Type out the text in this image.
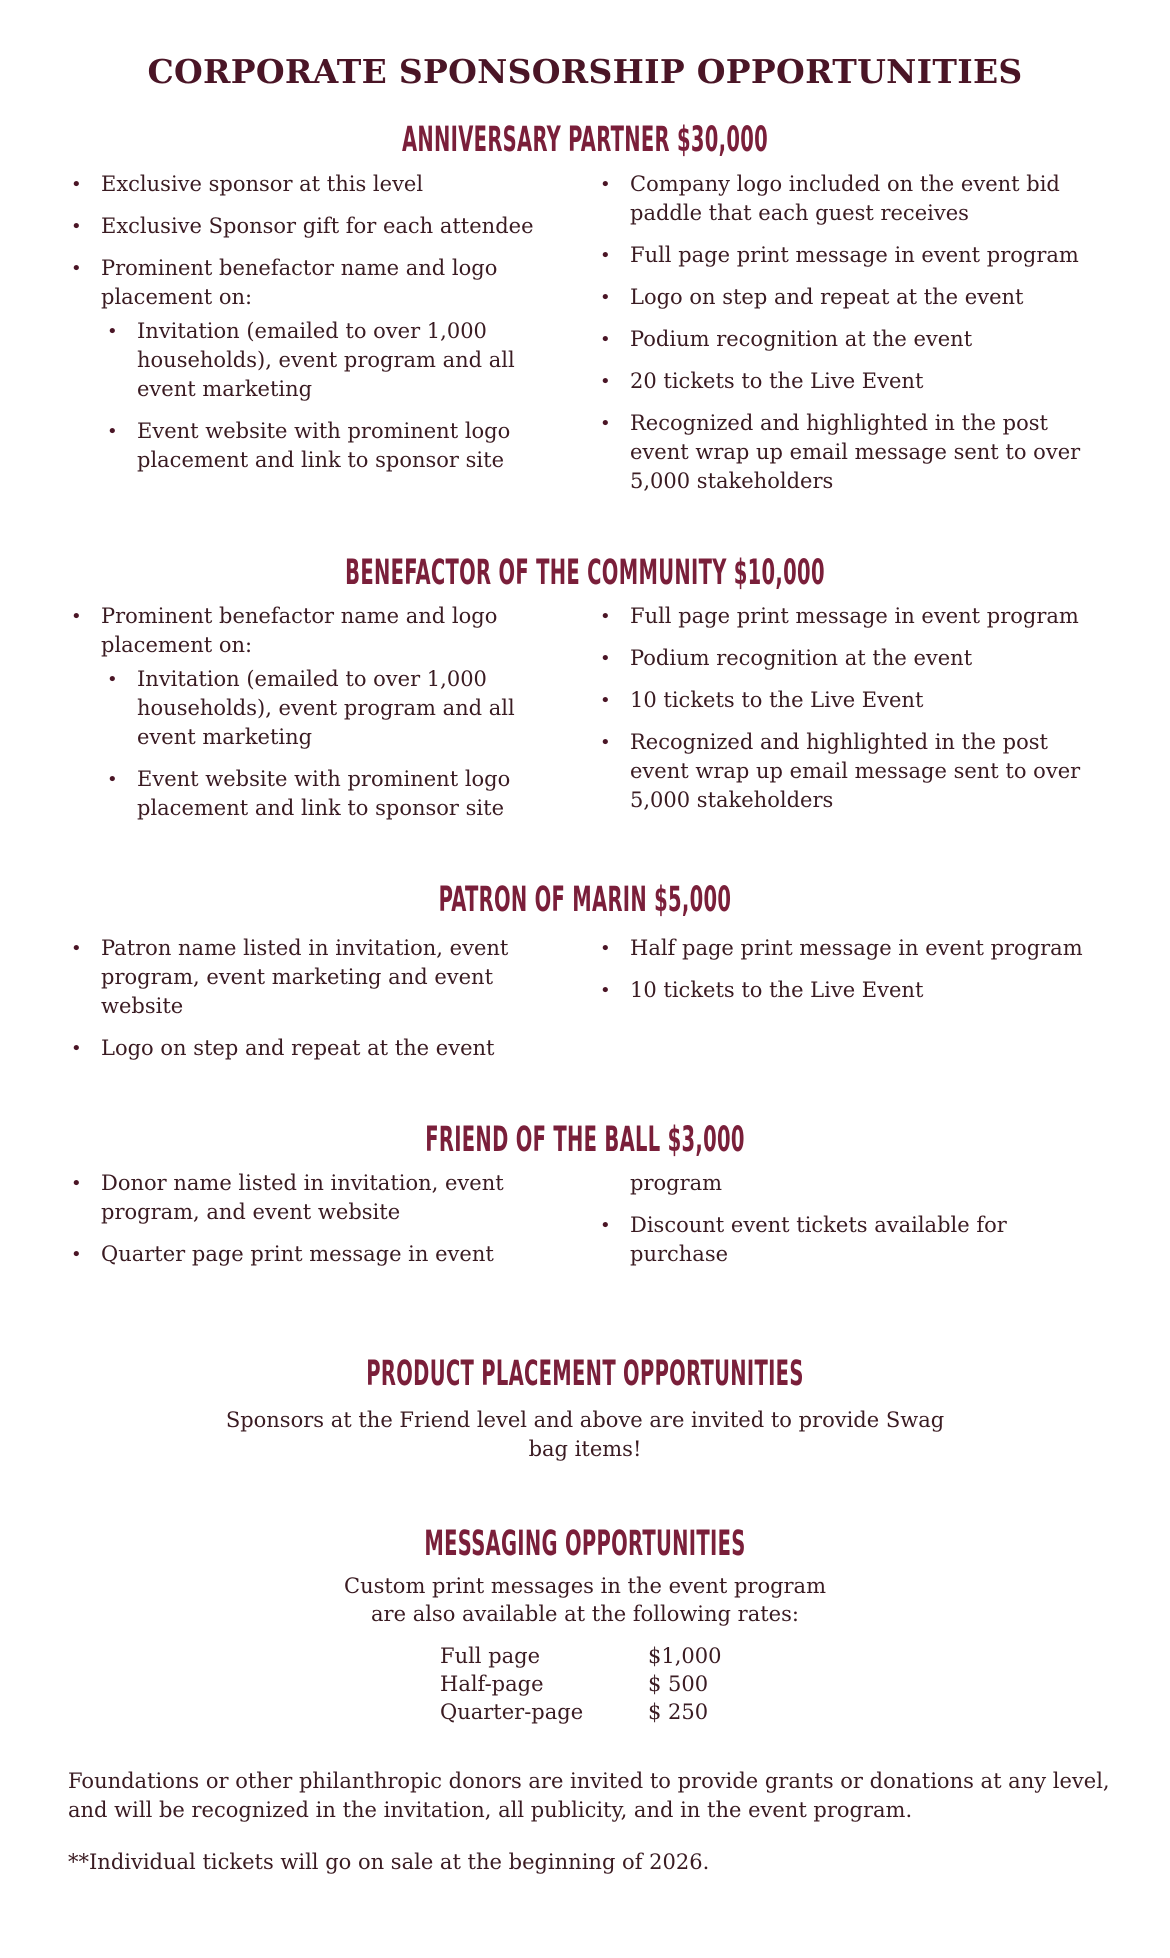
CORPORATE SPONSORSHIP OPPORTUNITIES
ANNIVERSARY PARTNER $30,000
• Exclusive sponsor at this level
• Exclusive Sponsor gift for each attendee
• Prominent benefactor name and logo placement on:
• Invitation (emailed to over 1,000 households), event program and all event marketing
• Event website with prominent logo placement and link to sponsor site
• Company logo included on the event bid paddle that each guest receives
• Full page print message in event program
• Logo on step and repeat at the event
• Podium recognition at the event
• 20 tickets to the Live Event
• Recognized and highlighted in the post event wrap up email message sent to over 5,000 stakeholders
BENEFACTOR OF THE COMMUNITY $10,000
• Prominent benefactor name and logo placement on:
• Invitation (emailed to over 1,000 households), event program and all event marketing
• Event website with prominent logo placement and link to sponsor site
• Full page print message in event program
• Podium recognition at the event
• 10 tickets to the Live Event
• Recognized and highlighted in the post event wrap up email message sent to over 5,000 stakeholders
PATRON OF MARIN $5,000
• Patron name listed in invitation, event program, event marketing and event website
• Logo on step and repeat at the event
• Half page print message in event program
• 10 tickets to the Live Event
FRIEND OF THE BALL $3,000
• Donor name listed in invitation, event program, and event website
• Quarter page print message in event
program
• Discount event tickets available for purchase
PRODUCT PLACEMENT OPPORTUNITIES

Sponsors at the Friend level and above are invited to provide Swag

bag items!

MESSAGING OPPORTUNITIES

Custom print messages in the event program

are also available at the following rates:

Full page	$1,000
Half-page	$ 500
Quarter-page	$ 250

Foundations or other philanthropic donors are invited to provide grants or donations at any level, and will be recognized in the invitation, all publicity, and in the event program.

**Individual tickets will go on sale at the beginning of 2026.
